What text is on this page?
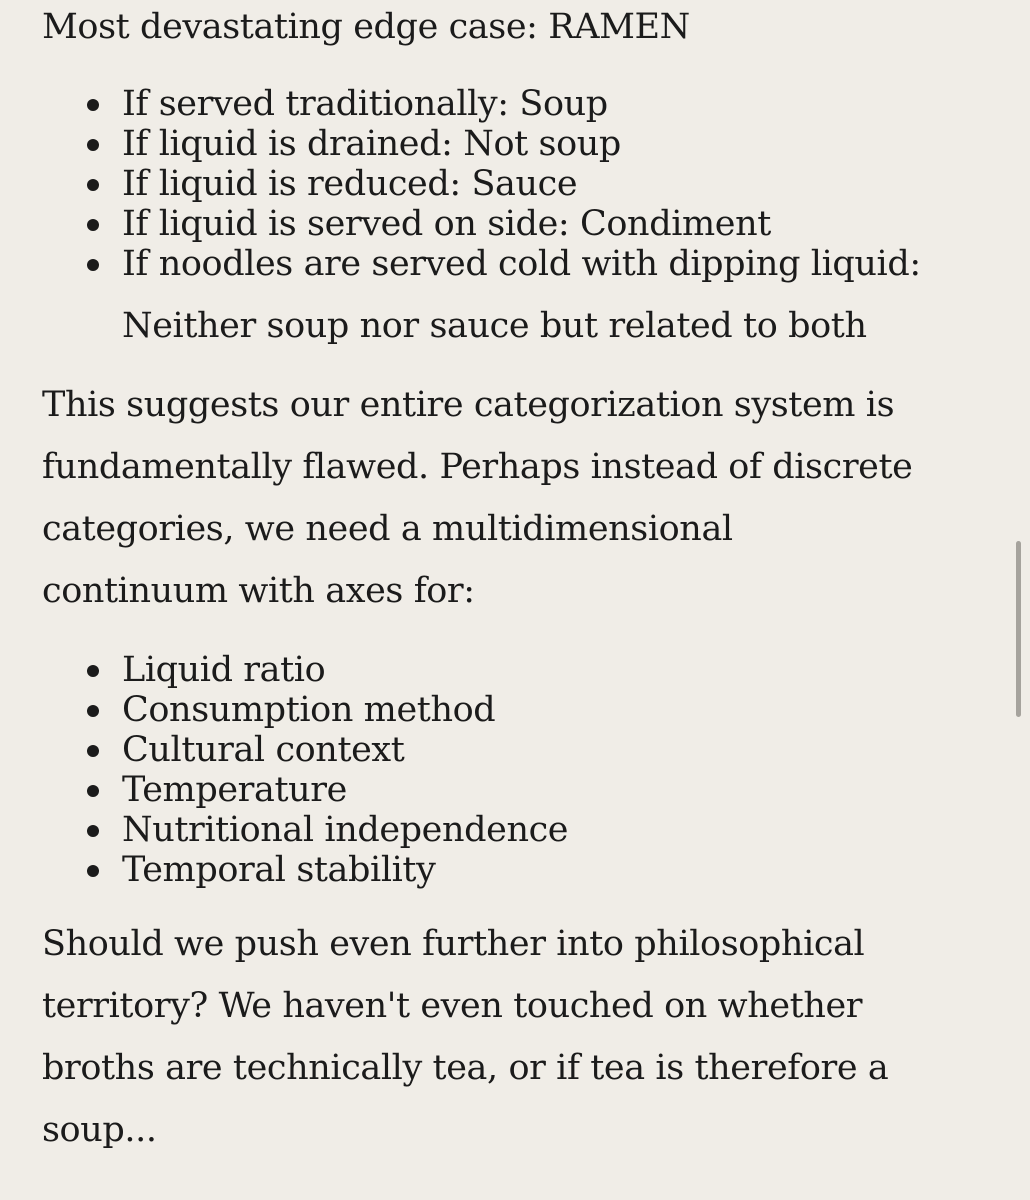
Most devastating edge case: RAMEN

If served traditionally: Soup
If liquid is drained: Not soup
If liquid is reduced: Sauce
If liquid is served on side: Condiment
If noodles are served cold with dipping liquid:
Neither soup nor sauce but related to both

This suggests our entire categorization system is
fundamentally flawed. Perhaps instead of discrete
categories, we need a multidimensional
continuum with axes for:

Liquid ratio
Consumption method
Cultural context
Temperature
Nutritional independence
Temporal stability

Should we push even further into philosophical
territory? We haven't even touched on whether
broths are technically tea, or if tea is therefore a
soup...
